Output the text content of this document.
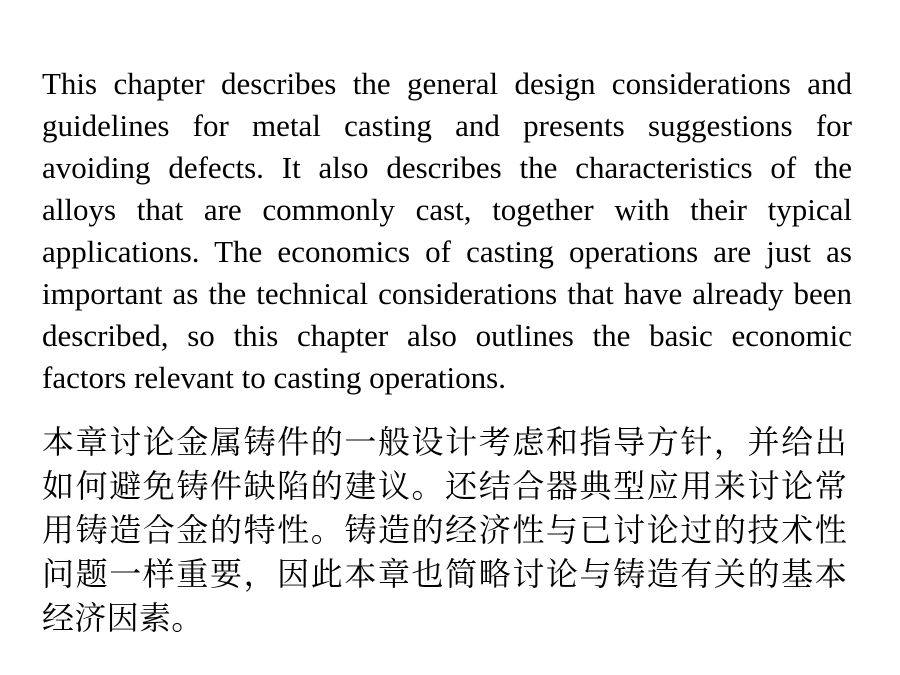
This chapter describes the general design considerations and guidelines for metal casting and presents suggestions for avoiding defects. It also describes the characteristics of the alloys that are commonly cast, together with their typical applications. The economics of casting operations are just as important as the technical considerations that have already been described, so this chapter also outlines the basic economic factors relevant to casting operations.

本章讨论金属铸件的一般设计考虑和指导方针，并给出如何避免铸件缺陷的建议。还结合器典型应用来讨论常用铸造合金的特性。铸造的经济性与已讨论过的技术性问题一样重要，因此本章也简略讨论与铸造有关的基本经济因素。
